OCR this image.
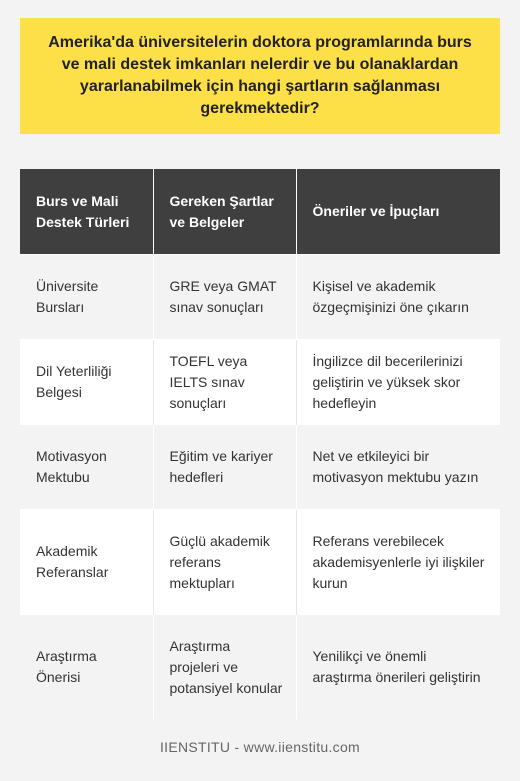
Amerika'da üniversitelerin doktora programlarında burs ve mali destek imkanları nelerdir ve bu olanaklardan yararlanabilmek için hangi şartların sağlanması gerekmektedir?

Burs ve Mali Destek Türleri	Gereken Şartlar ve Belgeler	Öneriler ve İpuçları
Üniversite Bursları	GRE veya GMAT sınav sonuçları	Kişisel ve akademik özgeçmişinizi öne çıkarın
Dil Yeterliliği Belgesi	TOEFL veya IELTS sınav sonuçları	İngilizce dil becerilerinizi geliştirin ve yüksek skor hedefleyin
Motivasyon Mektubu	Eğitim ve kariyer hedefleri	Net ve etkileyici bir motivasyon mektubu yazın
Akademik Referanslar	Güçlü akademik referans mektupları	Referans verebilecek akademisyenlerle iyi ilişkiler kurun
Araştırma Önerisi	Araştırma projeleri ve potansiyel konular	Yenilikçi ve önemli araştırma önerileri geliştirin
IIENSTITU - www.iienstitu.com
